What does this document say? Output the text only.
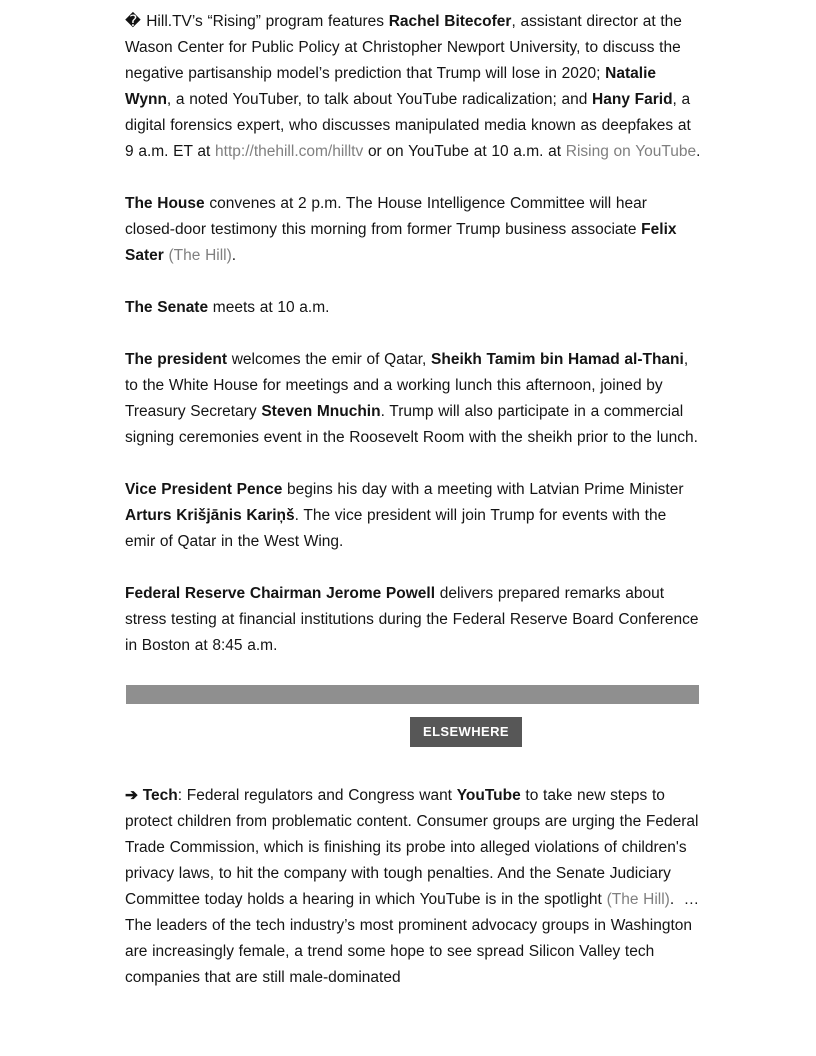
� Hill.TV’s “Rising” program features Rachel Bitecofer, assistant director at the Wason Center for Public Policy at Christopher Newport University, to discuss the negative partisanship model’s prediction that Trump will lose in 2020; Natalie Wynn, a noted YouTuber, to talk about YouTube radicalization; and Hany Farid, a digital forensics expert, who discusses manipulated media known as deepfakes at 9 a.m. ET at http://thehill.com/hilltv or on YouTube at 10 a.m. at Rising on YouTube.

The House convenes at 2 p.m. The House Intelligence Committee will hear closed-door testimony this morning from former Trump business associate Felix Sater (The Hill).

The Senate meets at 10 a.m.

The president welcomes the emir of Qatar, Sheikh Tamim bin Hamad al-Thani, to the White House for meetings and a working lunch this afternoon, joined by Treasury Secretary Steven Mnuchin. Trump will also participate in a commercial signing ceremonies event in the Roosevelt Room with the sheikh prior to the lunch.

Vice President Pence begins his day with a meeting with Latvian Prime Minister Arturs Krišjānis Kariņš. The vice president will join Trump for events with the emir of Qatar in the West Wing.

Federal Reserve Chairman Jerome Powell delivers prepared remarks about stress testing at financial institutions during the Federal Reserve Board Conference in Boston at 8:45 a.m.

ELSEWHERE

➔ Tech: Federal regulators and Congress want YouTube to take new steps to protect children from problematic content. Consumer groups are urging the Federal Trade Commission, which is finishing its probe into alleged violations of children's privacy laws, to hit the company with tough penalties. And the Senate Judiciary Committee today holds a hearing in which YouTube is in the spotlight (The Hill).  … The leaders of the tech industry’s most prominent advocacy groups in Washington are increasingly female, a trend some hope to see spread Silicon Valley tech companies that are still male-dominated
